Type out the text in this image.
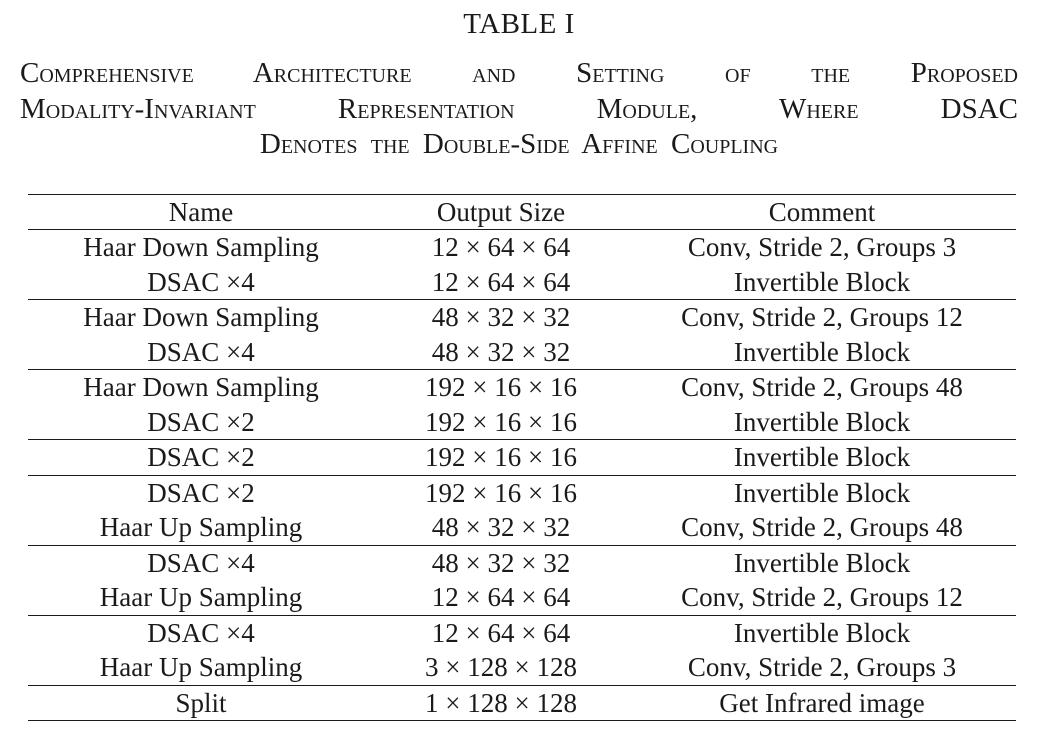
TABLE I
Comprehensive Architecture and Setting of the Proposed
Modality-Invariant Representation Module, Where DSAC
Denotes the Double-Side Affine Coupling
Name	Output Size	Comment
Haar Down Sampling	12 × 64 × 64	Conv, Stride 2, Groups 3
DSAC ×4	12 × 64 × 64	Invertible Block
Haar Down Sampling	48 × 32 × 32	Conv, Stride 2, Groups 12
DSAC ×4	48 × 32 × 32	Invertible Block
Haar Down Sampling	192 × 16 × 16	Conv, Stride 2, Groups 48
DSAC ×2	192 × 16 × 16	Invertible Block
DSAC ×2	192 × 16 × 16	Invertible Block
DSAC ×2	192 × 16 × 16	Invertible Block
Haar Up Sampling	48 × 32 × 32	Conv, Stride 2, Groups 48
DSAC ×4	48 × 32 × 32	Invertible Block
Haar Up Sampling	12 × 64 × 64	Conv, Stride 2, Groups 12
DSAC ×4	12 × 64 × 64	Invertible Block
Haar Up Sampling	3 × 128 × 128	Conv, Stride 2, Groups 3
Split	1 × 128 × 128	Get Infrared image
